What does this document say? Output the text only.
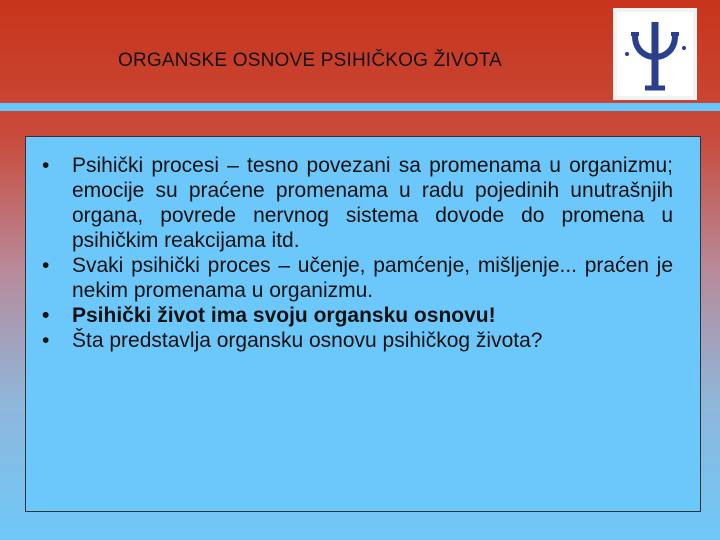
ORGANSKE OSNOVE PSIHIČKOG ŽIVOTA
• Psihički procesi – tesno povezani sa promenama u organizmu; emocije su praćene promenama u radu pojedinih unutrašnjih organa, povrede nervnog sistema dovode do promena u psihičkim reakcijama itd.
• Svaki psihički proces – učenje, pamćenje, mišljenje... praćen je nekim promenama u organizmu.
• Psihički život ima svoju organsku osnovu!
• Šta predstavlja organsku osnovu psihičkog života?
